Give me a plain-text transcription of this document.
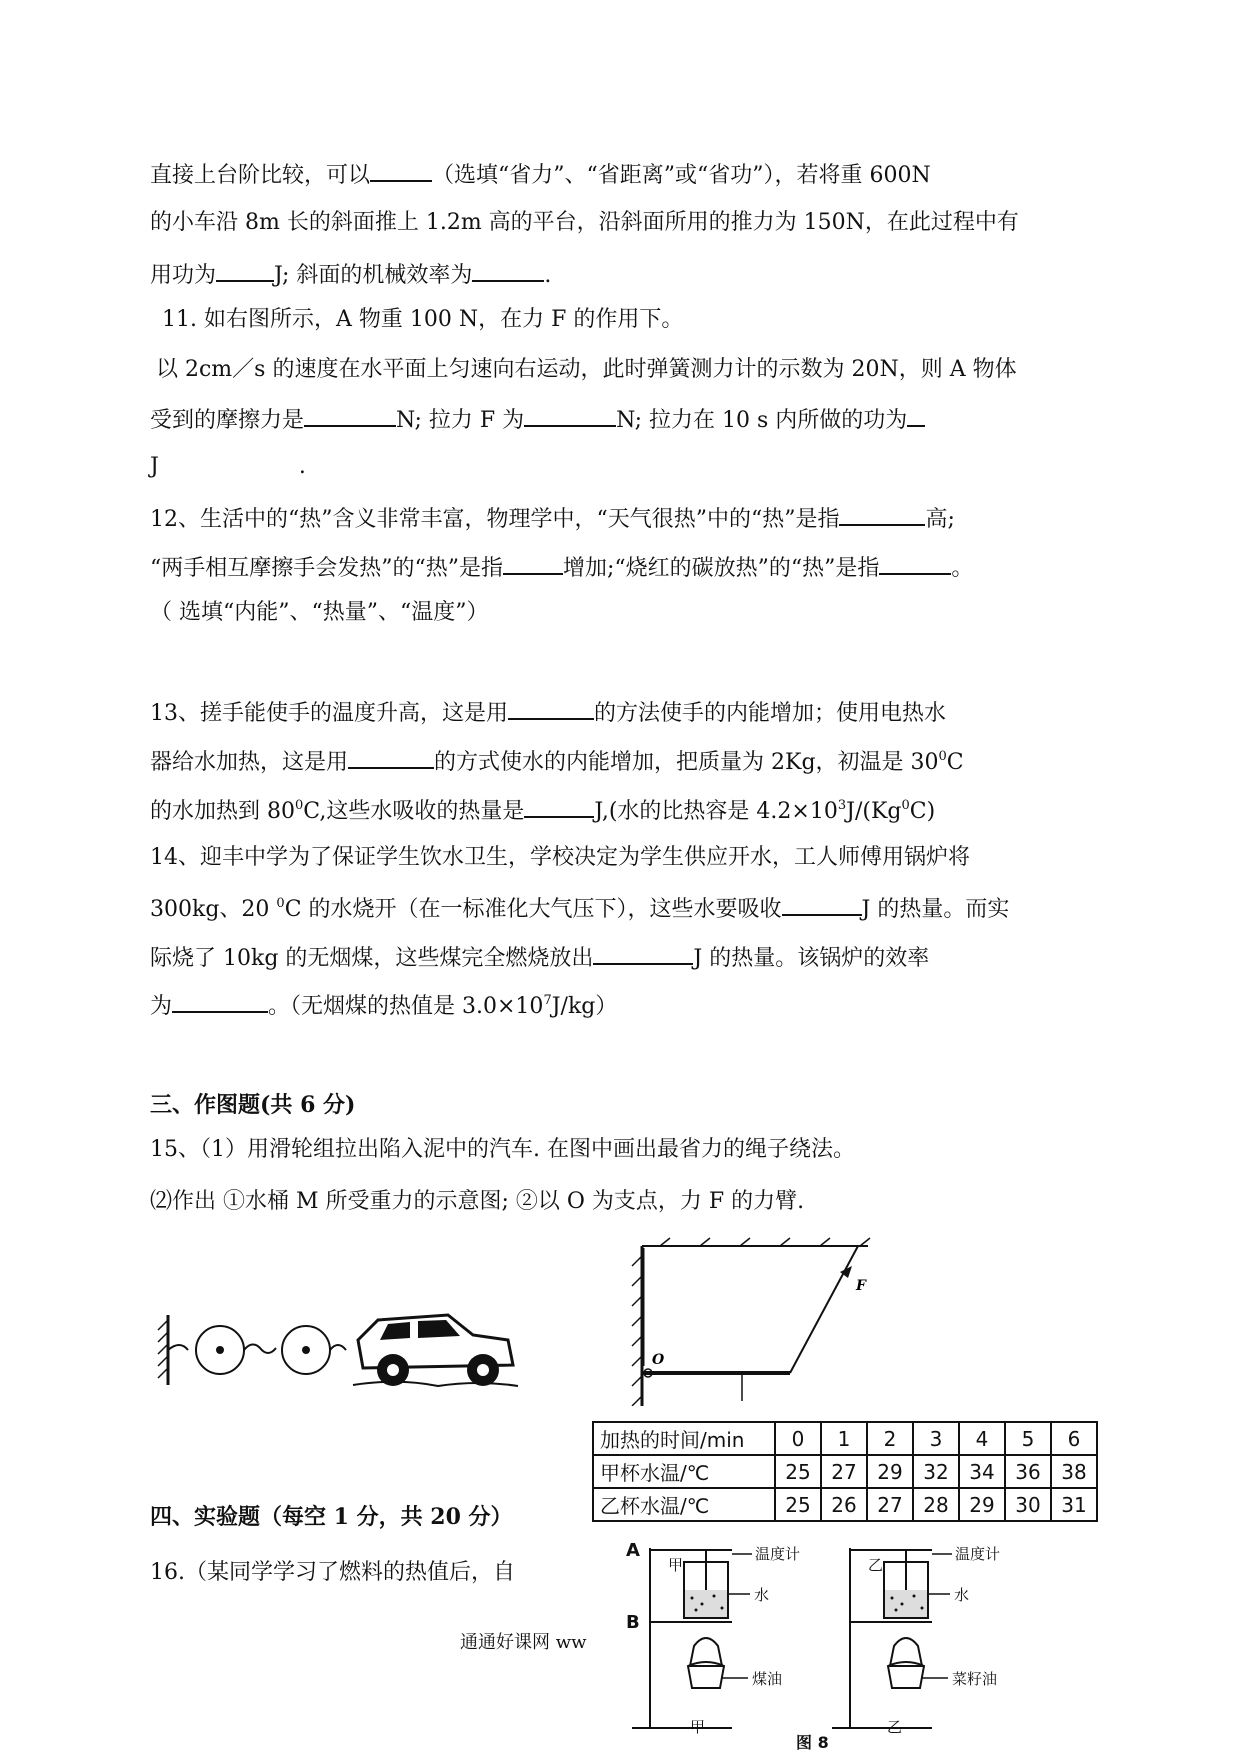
直接上台阶比较，可以	（选填“省力”、“省距离”或“省功”），若将重 600N
的小车沿 8m 长的斜面推上 1.2m 高的平台，沿斜面所用的推力为 150N，在此过程中有
用功为	J; 斜面的机械效率为	.
11. 如右图所示，A 物重 100 N，在力 F 的作用下。
以 2cm／s 的速度在水平面上匀速向右运动，此时弹簧测力计的示数为 20N，则 A 物体
受到的摩擦力是	N; 拉力 F 为	N; 拉力在 10 s 内所做的功为
J	.
12、生活中的“热”含义非常丰富，物理学中，“天气很热”中的“热”是指	高;
“两手相互摩擦手会发热”的“热”是指	增加;“烧红的碳放热”的“热”是指	。
（ 选填“内能”、“热量”、“温度”）
13、搓手能使手的温度升高，这是用	的方法使手的内能增加；使用电热水
器给水加热，这是用	的方式使水的内能增加，把质量为 2Kg，初温是 $30^0C$
的水加热到 $80^0C$,这些水吸收的热量是	J,(水的比热容是 $4.2\times 10^3J/(Kg^0C)$
14、迎丰中学为了保证学生饮水卫生，学校决定为学生供应开水，工人师傅用锅炉将
300kg、20 $^0$C 的水烧开（在一标准化大气压下），这些水要吸收	J 的热量。而实
际烧了 10kg 的无烟煤，这些煤完全燃烧放出	J 的热量。该锅炉的效率
为	。（无烟煤的热值是 $3.0\times 10^7J/kg$）
三、作图题(共 6 分)
15、（1）用滑轮组拉出陷入泥中的汽车. 在图中画出最省力的绳子绕法。
⑵作出 ①水桶 M 所受重力的示意图; ②以 O 为支点，力 F 的力臂.
O
F
加热的时间/min	0	1	2	3	4	5	6
甲杯水温/℃	25	27	29	32	34	36	38
乙杯水温/℃	25	26	27	28	29	30	31
四、实验题（每空 1 分，共 20 分）
16.（某同学学习了燃料的热值后，自
通通好课网 ww
A
B
甲	乙
温度计	温度计
水	水
煤油	菜籽油
甲	乙
图 8
